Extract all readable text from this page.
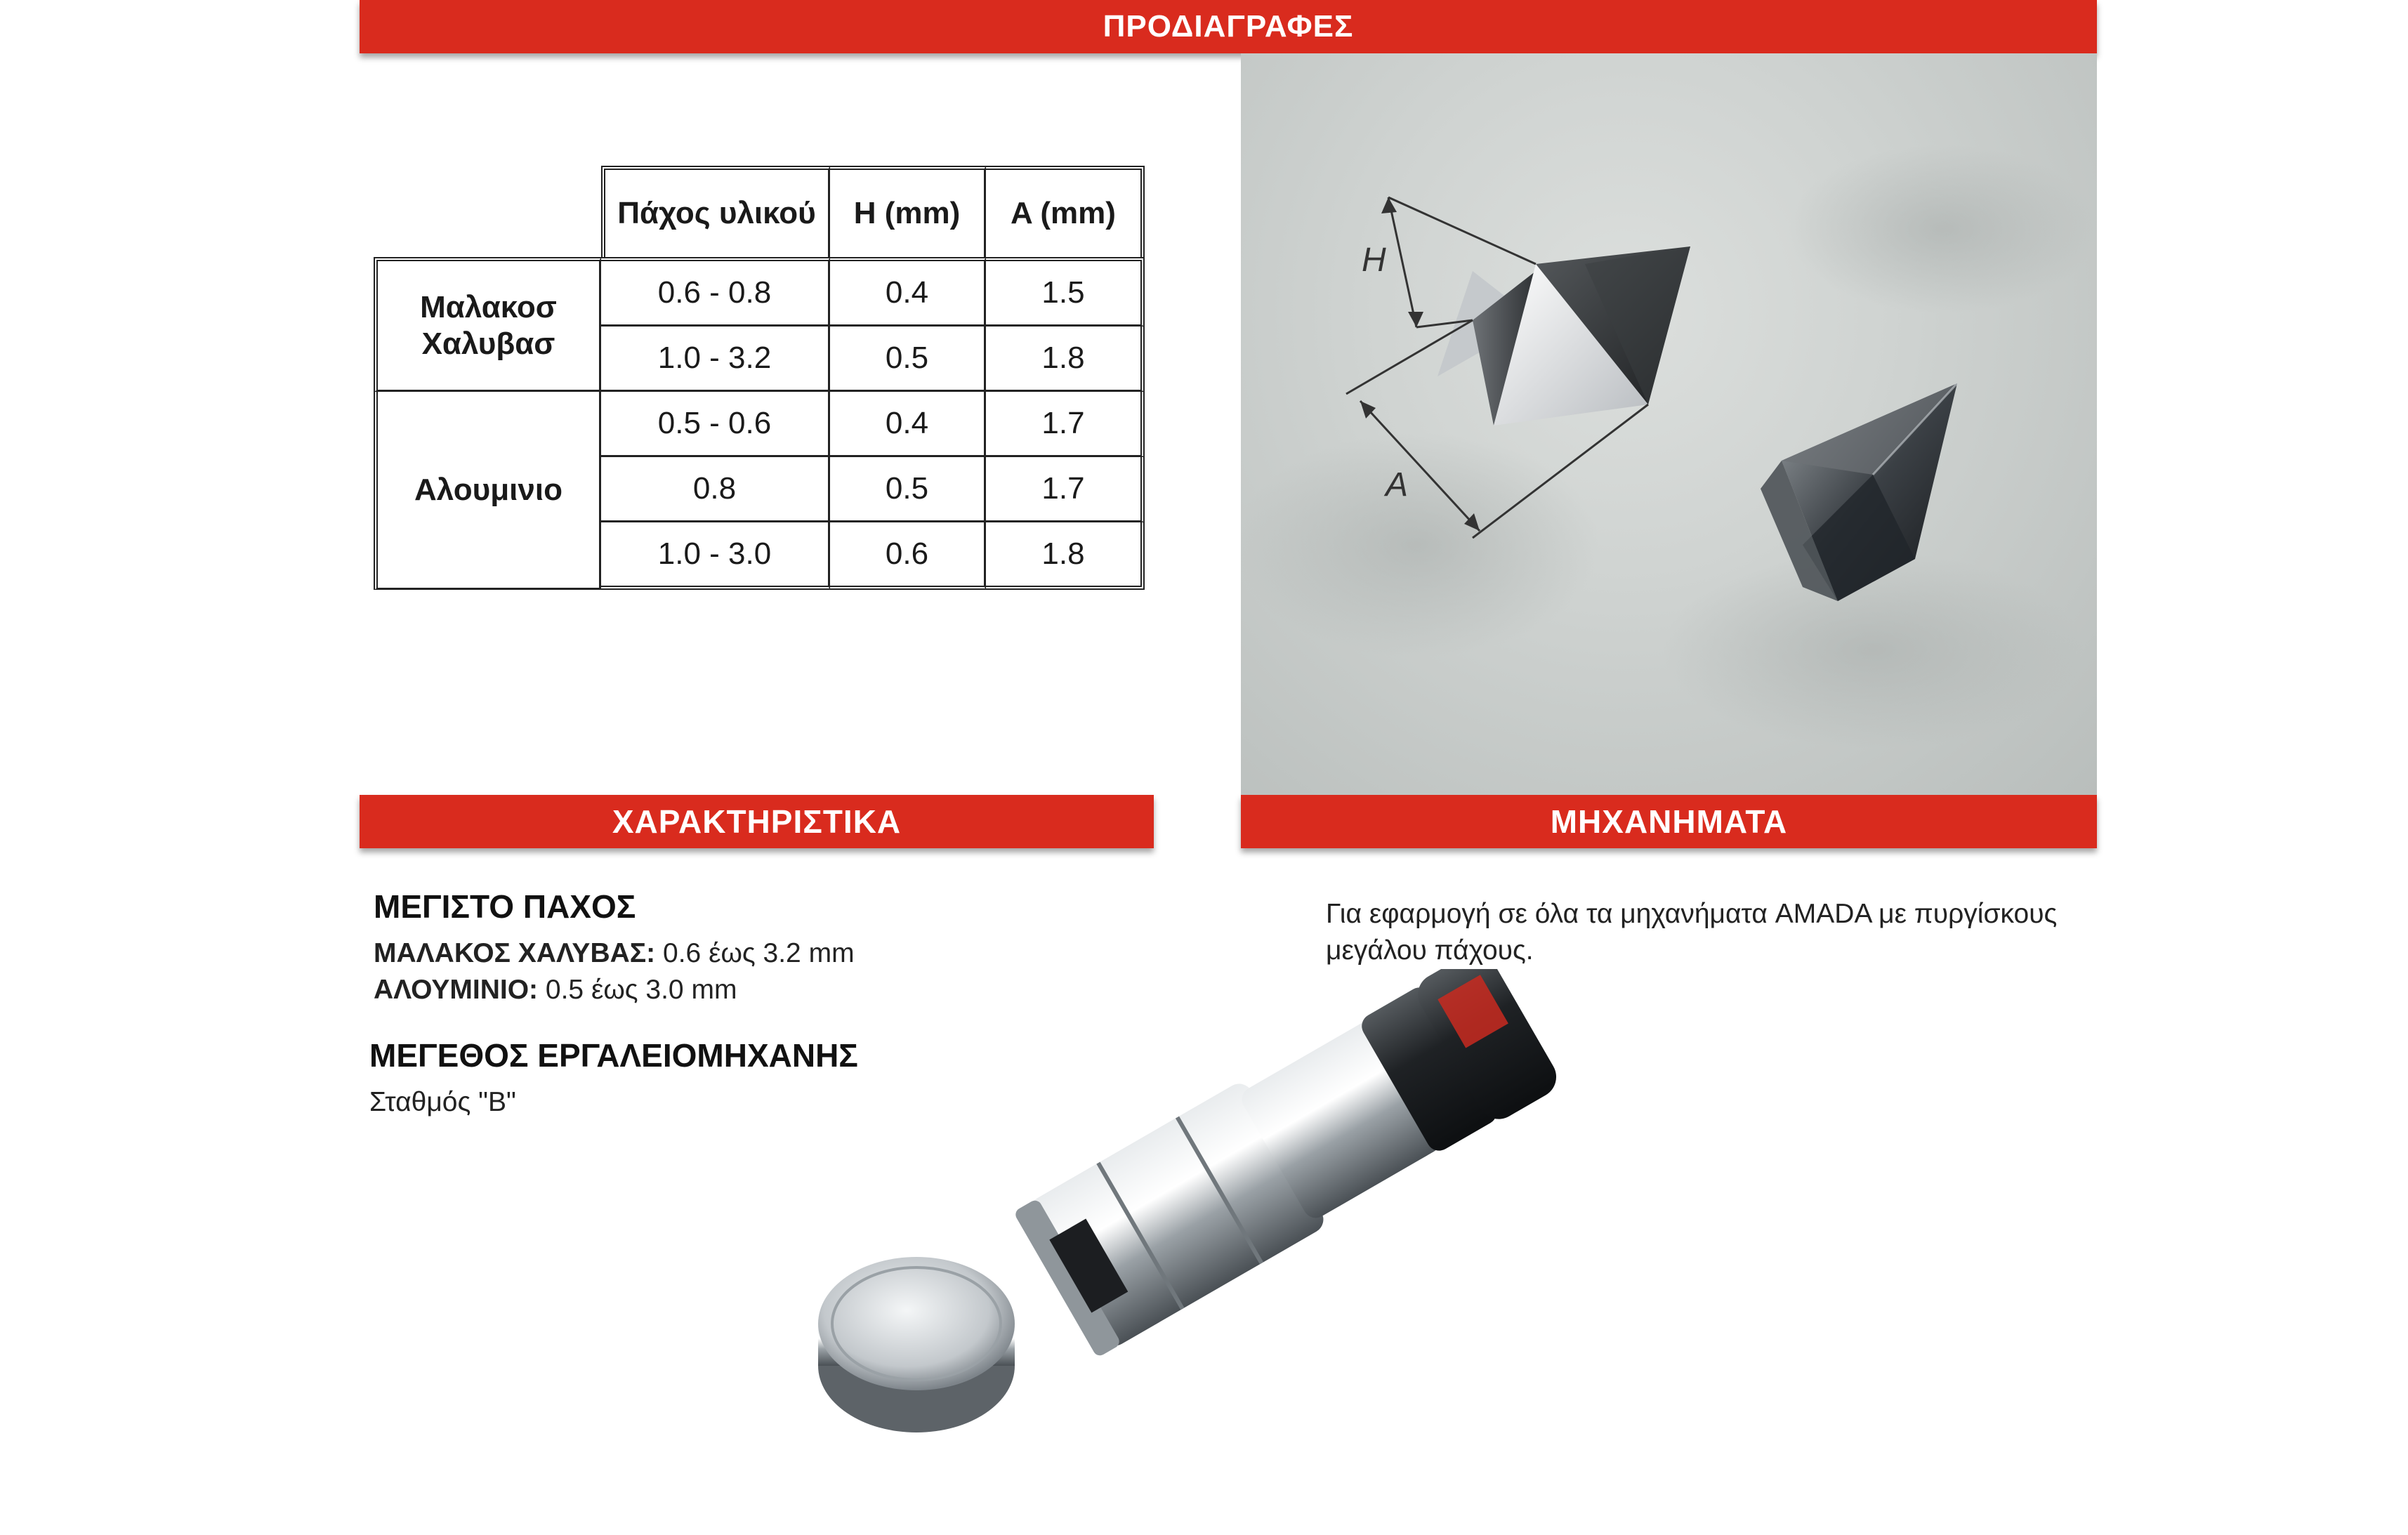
ΠΡΟΔΙΑΓΡΑΦΕΣ
ΧΑΡΑΚΤΗΡΙΣΤΙΚΑ	ΜΗΧΑΝΗΜΑΤΑ
	Πάχος υλικού	H (mm)	A (mm)
Μαλακοσ Χαλυβασ	0.6 - 0.8	0.4	1.5
	1.0 - 3.2	0.5	1.8
Αλουμινιο	0.5 - 0.6	0.4	1.7
	0.8	0.5	1.7
	1.0 - 3.0	0.6	1.8
H
A
ΜΕΓΙΣΤΟ ΠΑΧΟΣ
ΜΑΛΑΚΟΣ ΧΑΛΥΒΑΣ: 0.6 έως 3.2 mm
ΑΛΟΥΜΙΝΙΟ: 0.5 έως 3.0 mm
ΜΕΓΕΘΟΣ ΕΡΓΑΛΕΙΟΜΗΧΑΝΗΣ
Σταθμός "B"
Για εφαρμογή σε όλα τα μηχανήματα AMADA με πυργίσκους μεγάλου πάχους.
